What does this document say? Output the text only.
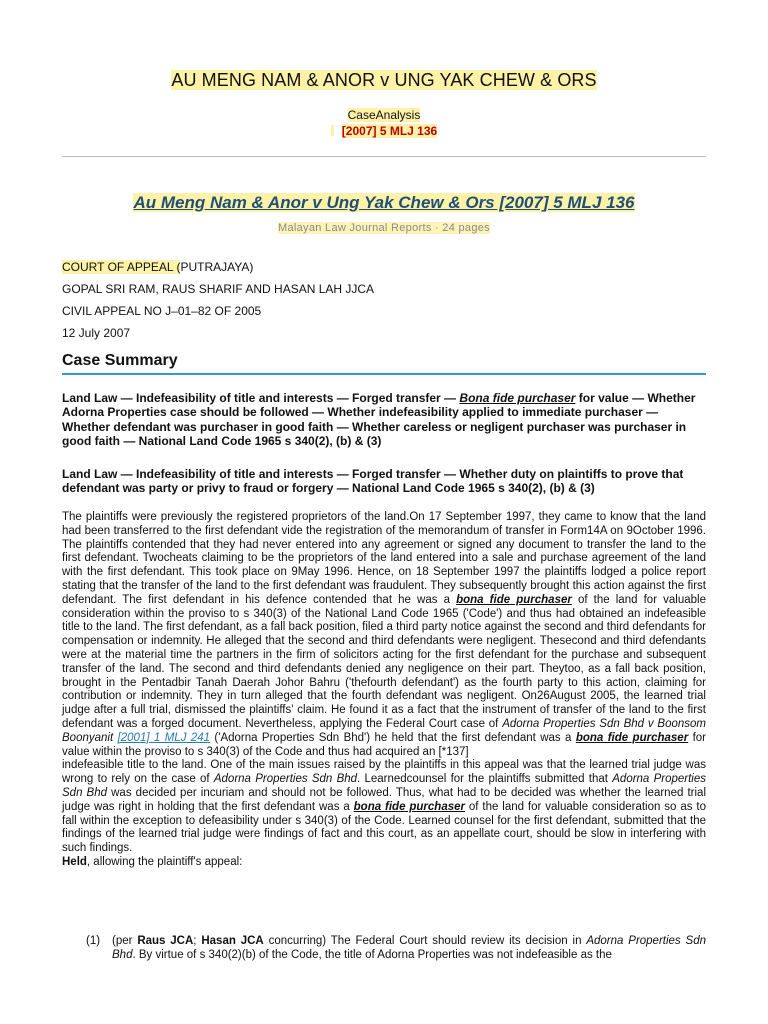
AU MENG NAM & ANOR v UNG YAK CHEW & ORS
CaseAnalysis
[2007] 5 MLJ 136
Au Meng Nam & Anor v Ung Yak Chew & Ors [2007] 5 MLJ 136
Malayan Law Journal Reports · 24 pages
COURT OF APPEAL (PUTRAJAYA)
GOPAL SRI RAM, RAUS SHARIF AND HASAN LAH JJCA
CIVIL APPEAL NO J–01–82 OF 2005
12 July 2007
Case Summary
Land Law — Indefeasibility of title and interests — Forged transfer — Bona fide purchaser for value — Whether Adorna Properties case should be followed — Whether indefeasibility applied to immediate purchaser — Whether defendant was purchaser in good faith — Whether careless or negligent purchaser was purchaser in good faith — National Land Code 1965 s 340(2), (b) & (3)
Land Law — Indefeasibility of title and interests — Forged transfer — Whether duty on plaintiffs to prove that defendant was party or privy to fraud or forgery — National Land Code 1965 s 340(2), (b) & (3)

The plaintiffs were previously the registered proprietors of the land.On 17 September 1997, they came to know that the land had been transferred to the first defendant vide the registration of the memorandum of transfer in Form14A on 9October 1996. The plaintiffs contended that they had never entered into any agreement or signed any document to transfer the land to the first defendant. Twocheats claiming to be the proprietors of the land entered into a sale and purchase agreement of the land with the first defendant. This took place on 9May 1996. Hence, on 18 September 1997 the plaintiffs lodged a police report stating that the transfer of the land to the first defendant was fraudulent. They subsequently brought this action against the first defendant. The first defendant in his defence contended that he was a bona fide purchaser of the land for valuable consideration within the proviso to s 340(3) of the National Land Code 1965 ('Code') and thus had obtained an indefeasible title to the land. The first defendant, as a fall back position, filed a third party notice against the second and third defendants for compensation or indemnity. He alleged that the second and third defendants were negligent. Thesecond and third defendants were at the material time the partners in the firm of solicitors acting for the first defendant for the purchase and subsequent transfer of the land. The second and third defendants denied any negligence on their part. Theytoo, as a fall back position, brought in the Pentadbir Tanah Daerah Johor Bahru ('thefourth defendant') as the fourth party to this action, claiming for contribution or indemnity. They in turn alleged that the fourth defendant was negligent. On26August 2005, the learned trial judge after a full trial, dismissed the plaintiffs' claim. He found it as a fact that the instrument of transfer of the land to the first defendant was a forged document. Nevertheless, applying the Federal Court case of Adorna Properties Sdn Bhd v Boonsom Boonyanit [2001] 1 MLJ 241 ('Adorna Properties Sdn Bhd') he held that the first defendant was a bona fide purchaser for value within the proviso to s 340(3) of the Code and thus had acquired an [*137]
indefeasible title to the land. One of the main issues raised by the plaintiffs in this appeal was that the learned trial judge was wrong to rely on the case of Adorna Properties Sdn Bhd. Learnedcounsel for the plaintiffs submitted that Adorna Properties Sdn Bhd was decided per incuriam and should not be followed. Thus, what had to be decided was whether the learned trial judge was right in holding that the first defendant was a bona fide purchaser of the land for valuable consideration so as to fall within the exception to defeasibility under s 340(3) of the Code. Learned counsel for the first defendant, submitted that the findings of the learned trial judge were findings of fact and this court, as an appellate court, should be slow in interfering with such findings.

Held, allowing the plaintiff's appeal:

(1) (per Raus JCA; Hasan JCA concurring) The Federal Court should review its decision in Adorna Properties Sdn Bhd. By virtue of s 340(2)(b) of the Code, the title of Adorna Properties was not indefeasible as the
